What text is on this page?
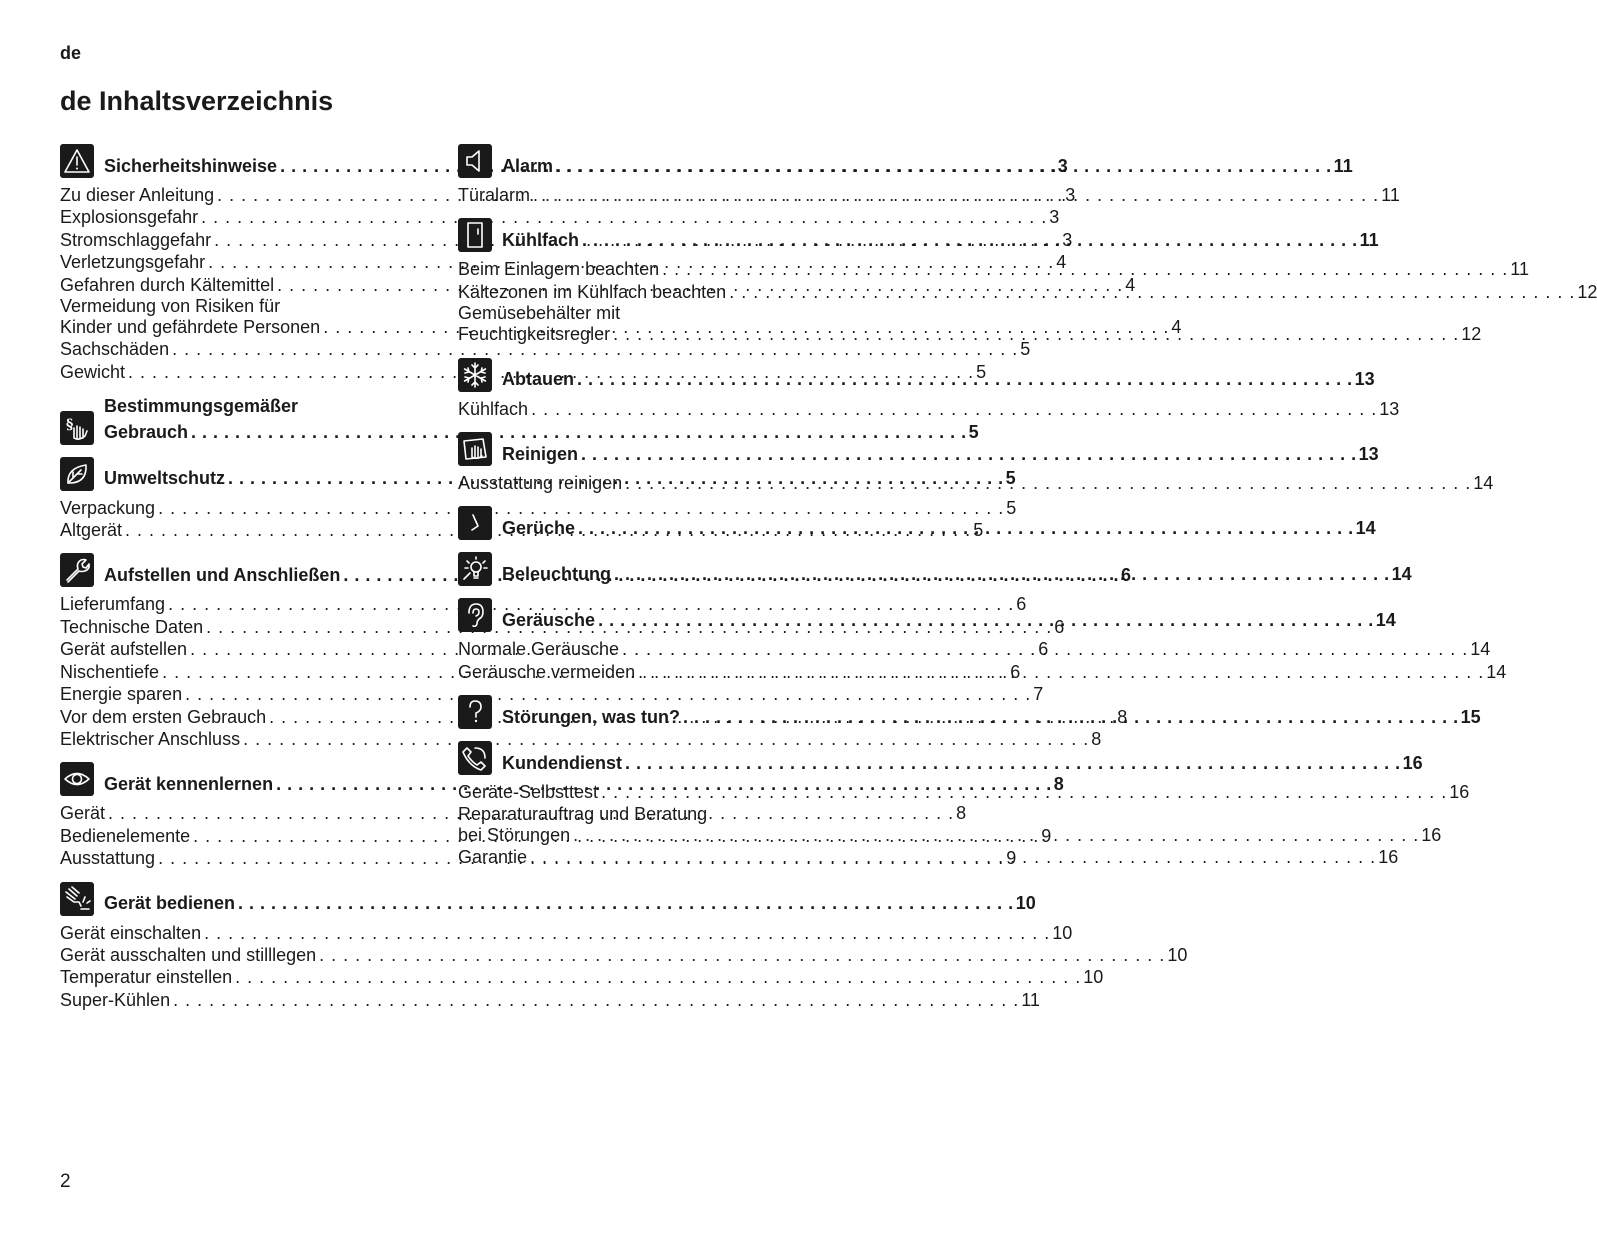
de
de Inhaltsverzeichnis
Sicherheitshinweise . . .	3
Zu dieser Anleitung . . .	3
Explosionsgefahr . . .	3
Stromschlaggefahr . . .	3
Verletzungsgefahr . . .	4
Gefahren durch Kältemittel . . .	4
Vermeidung von Risiken für
Kinder und gefährdete Personen . . .	4
Sachschäden . . .	5
Gewicht . . .	5
§
Bestimmungsgemäßer
Gebrauch . . .	5
Umweltschutz . . .	5
Verpackung . . .	5
Altgerät . . .	5
Aufstellen und Anschließen . . .	6
Lieferumfang . . .	6
Technische Daten . . .	6
Gerät aufstellen . . .	6
Nischentiefe . . .	6
Energie sparen . . .	7
Vor dem ersten Gebrauch . . .	8
Elektrischer Anschluss . . .	8
Gerät kennenlernen . . .	8
Gerät . . .	8
Bedienelemente . . .	9
Ausstattung . . .	9
Gerät bedienen . . .	10
Gerät einschalten . . .	10
Gerät ausschalten und stilllegen . . .	10
Temperatur einstellen . . .	10
Super-Kühlen . . .	11
Alarm . . .	11
Türalarm . . .	11
Kühlfach . . .	11
Beim Einlagern beachten . . .	11
Kältezonen im Kühlfach beachten . . .	12
Gemüsebehälter mit
Feuchtigkeitsregler . . .	12
Abtauen . . .	13
Kühlfach . . .	13
Reinigen . . .	13
Ausstattung reinigen . . .	14
Gerüche . . .	14
Beleuchtung . . .	14
Geräusche . . .	14
Normale Geräusche . . .	14
Geräusche vermeiden . . .	14
Störungen, was tun? . . .	15
Kundendienst . . .	16
Geräte-Selbsttest . . .	16
Reparaturauftrag und Beratung
bei Störungen . . .	16
Garantie . . .	16
2
